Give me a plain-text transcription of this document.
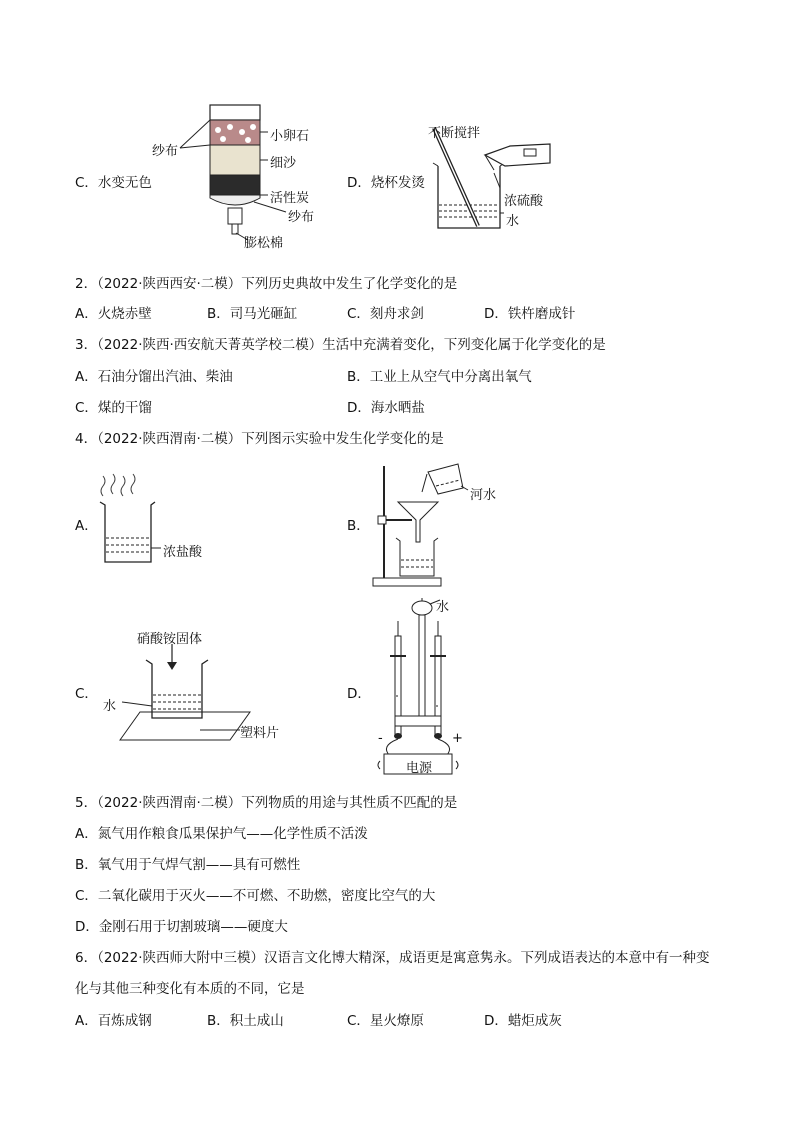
C．水变无色
纱布
小卵石
细沙
活性炭
纱布
膨松棉
D．烧杯发烫
不断搅拌
浓硫酸
水
2．（2022·陕西西安·二模）下列历史典故中发生了化学变化的是
A．火烧赤壁	B．司马光砸缸	C．刻舟求剑	D．铁杵磨成针
3．（2022·陕西·西安航天菁英学校二模）生活中充满着变化，下列变化属于化学变化的是
A．石油分馏出汽油、柴油	B．工业上从空气中分离出氧气
C．煤的干馏	D．海水晒盐
4．（2022·陕西渭南·二模）下列图示实验中发生化学变化的是
A．
浓盐酸
B．
河水
C．
硝酸铵固体
水
塑料片
D．
水
电源
-	+
5．（2022·陕西渭南·二模）下列物质的用途与其性质不匹配的是
A．氮气用作粮食瓜果保护气——化学性质不活泼
B．氧气用于气焊气割——具有可燃性
C．二氧化碳用于灭火——不可燃、不助燃，密度比空气的大
D．金刚石用于切割玻璃——硬度大
6．（2022·陕西师大附中三模）汉语言文化博大精深，成语更是寓意隽永。下列成语表达的本意中有一种变
化与其他三种变化有本质的不同，它是
A．百炼成钢	B．积土成山	C．星火燎原	D．蜡炬成灰
